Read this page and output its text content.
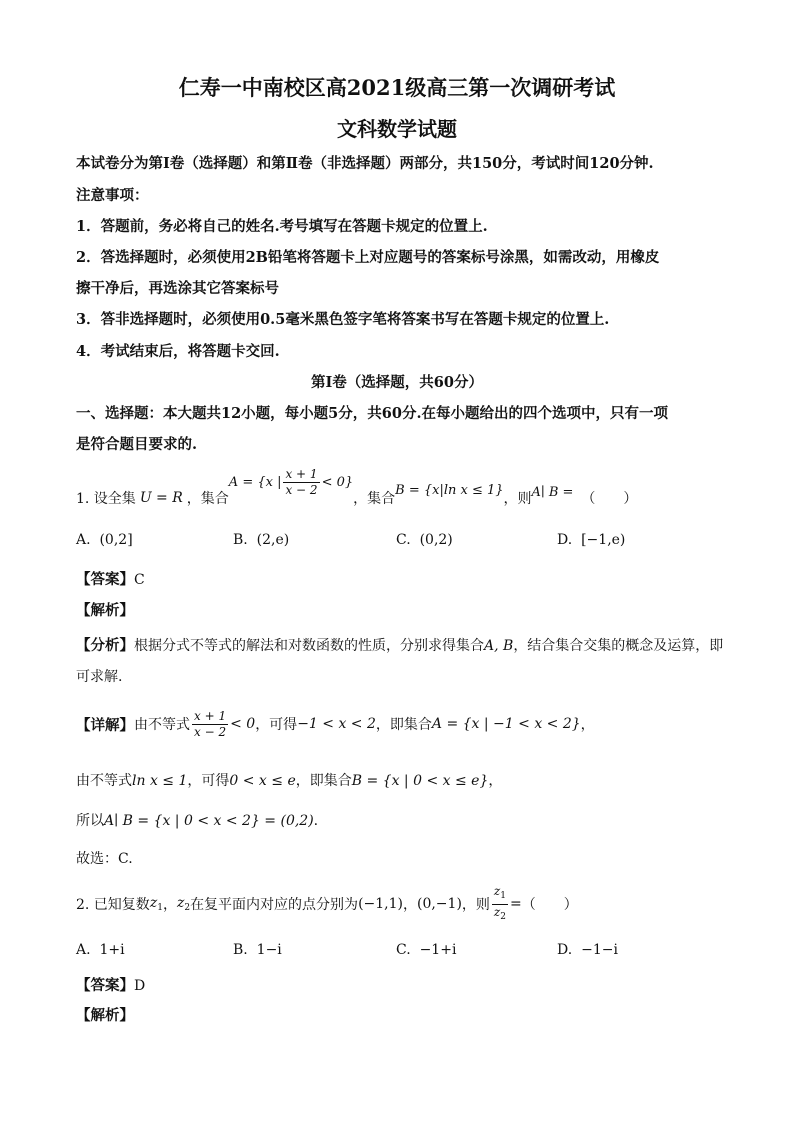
仁寿一中南校区高2021级高三第一次调研考试
文科数学试题
本试卷分为第Ⅰ卷（选择题）和第Ⅱ卷（非选择题）两部分，共150分，考试时间120分钟.
注意事项：
1．答题前，务必将自己的姓名.考号填写在答题卡规定的位置上.
2．答选择题时，必须使用2B铅笔将答题卡上对应题号的答案标号涂黑，如需改动，用橡皮
擦干净后，再选涂其它答案标号
3．答非选择题时，必须使用0.5毫米黑色签字笔将答案书写在答题卡规定的位置上.
4．考试结束后，将答题卡交回.
第Ⅰ卷（选择题，共60分）
一、选择题：本大题共12小题，每小题5分，共60分.在每小题给出的四个选项中，只有一项
是符合题目要求的.
1. 设全集 U = R ，集合
A = {x | $\frac{x + 1}{x - 2} < 0$}
，集合
B = {x|ln x ≤ 1}
，则 A∣ B = （　　）
A. (0,2]	B. (2,e)	C. (0,2)	D. [−1,e)
【答案】C
【解析】
【分析】根据分式不等式的解法和对数函数的性质，分别求得集合A, B，结合集合交集的概念及运算，即
可求解.
【详解】 由不等式 $\frac{x + 1}{x - 2} < 0$ ，可得 −1 < x < 2 ，即集合 A = {x | −1 < x < 2} ，
由不等式ln x ≤ 1，可得0 < x ≤ e，即集合B = {x | 0 < x ≤ e}，
所以A∣ B = {x | 0 < x < 2} = (0,2).
故选：C.
2. 已知复数 $z_1$ ， $z_2$ 在复平面内对应的点分别为 (−1,1) ， (0,−1) ，则 $\frac{z_1}{z_2}$ = （　　）
A. 1+i	B. 1−i	C. −1+i	D. −1−i
【答案】D
【解析】
